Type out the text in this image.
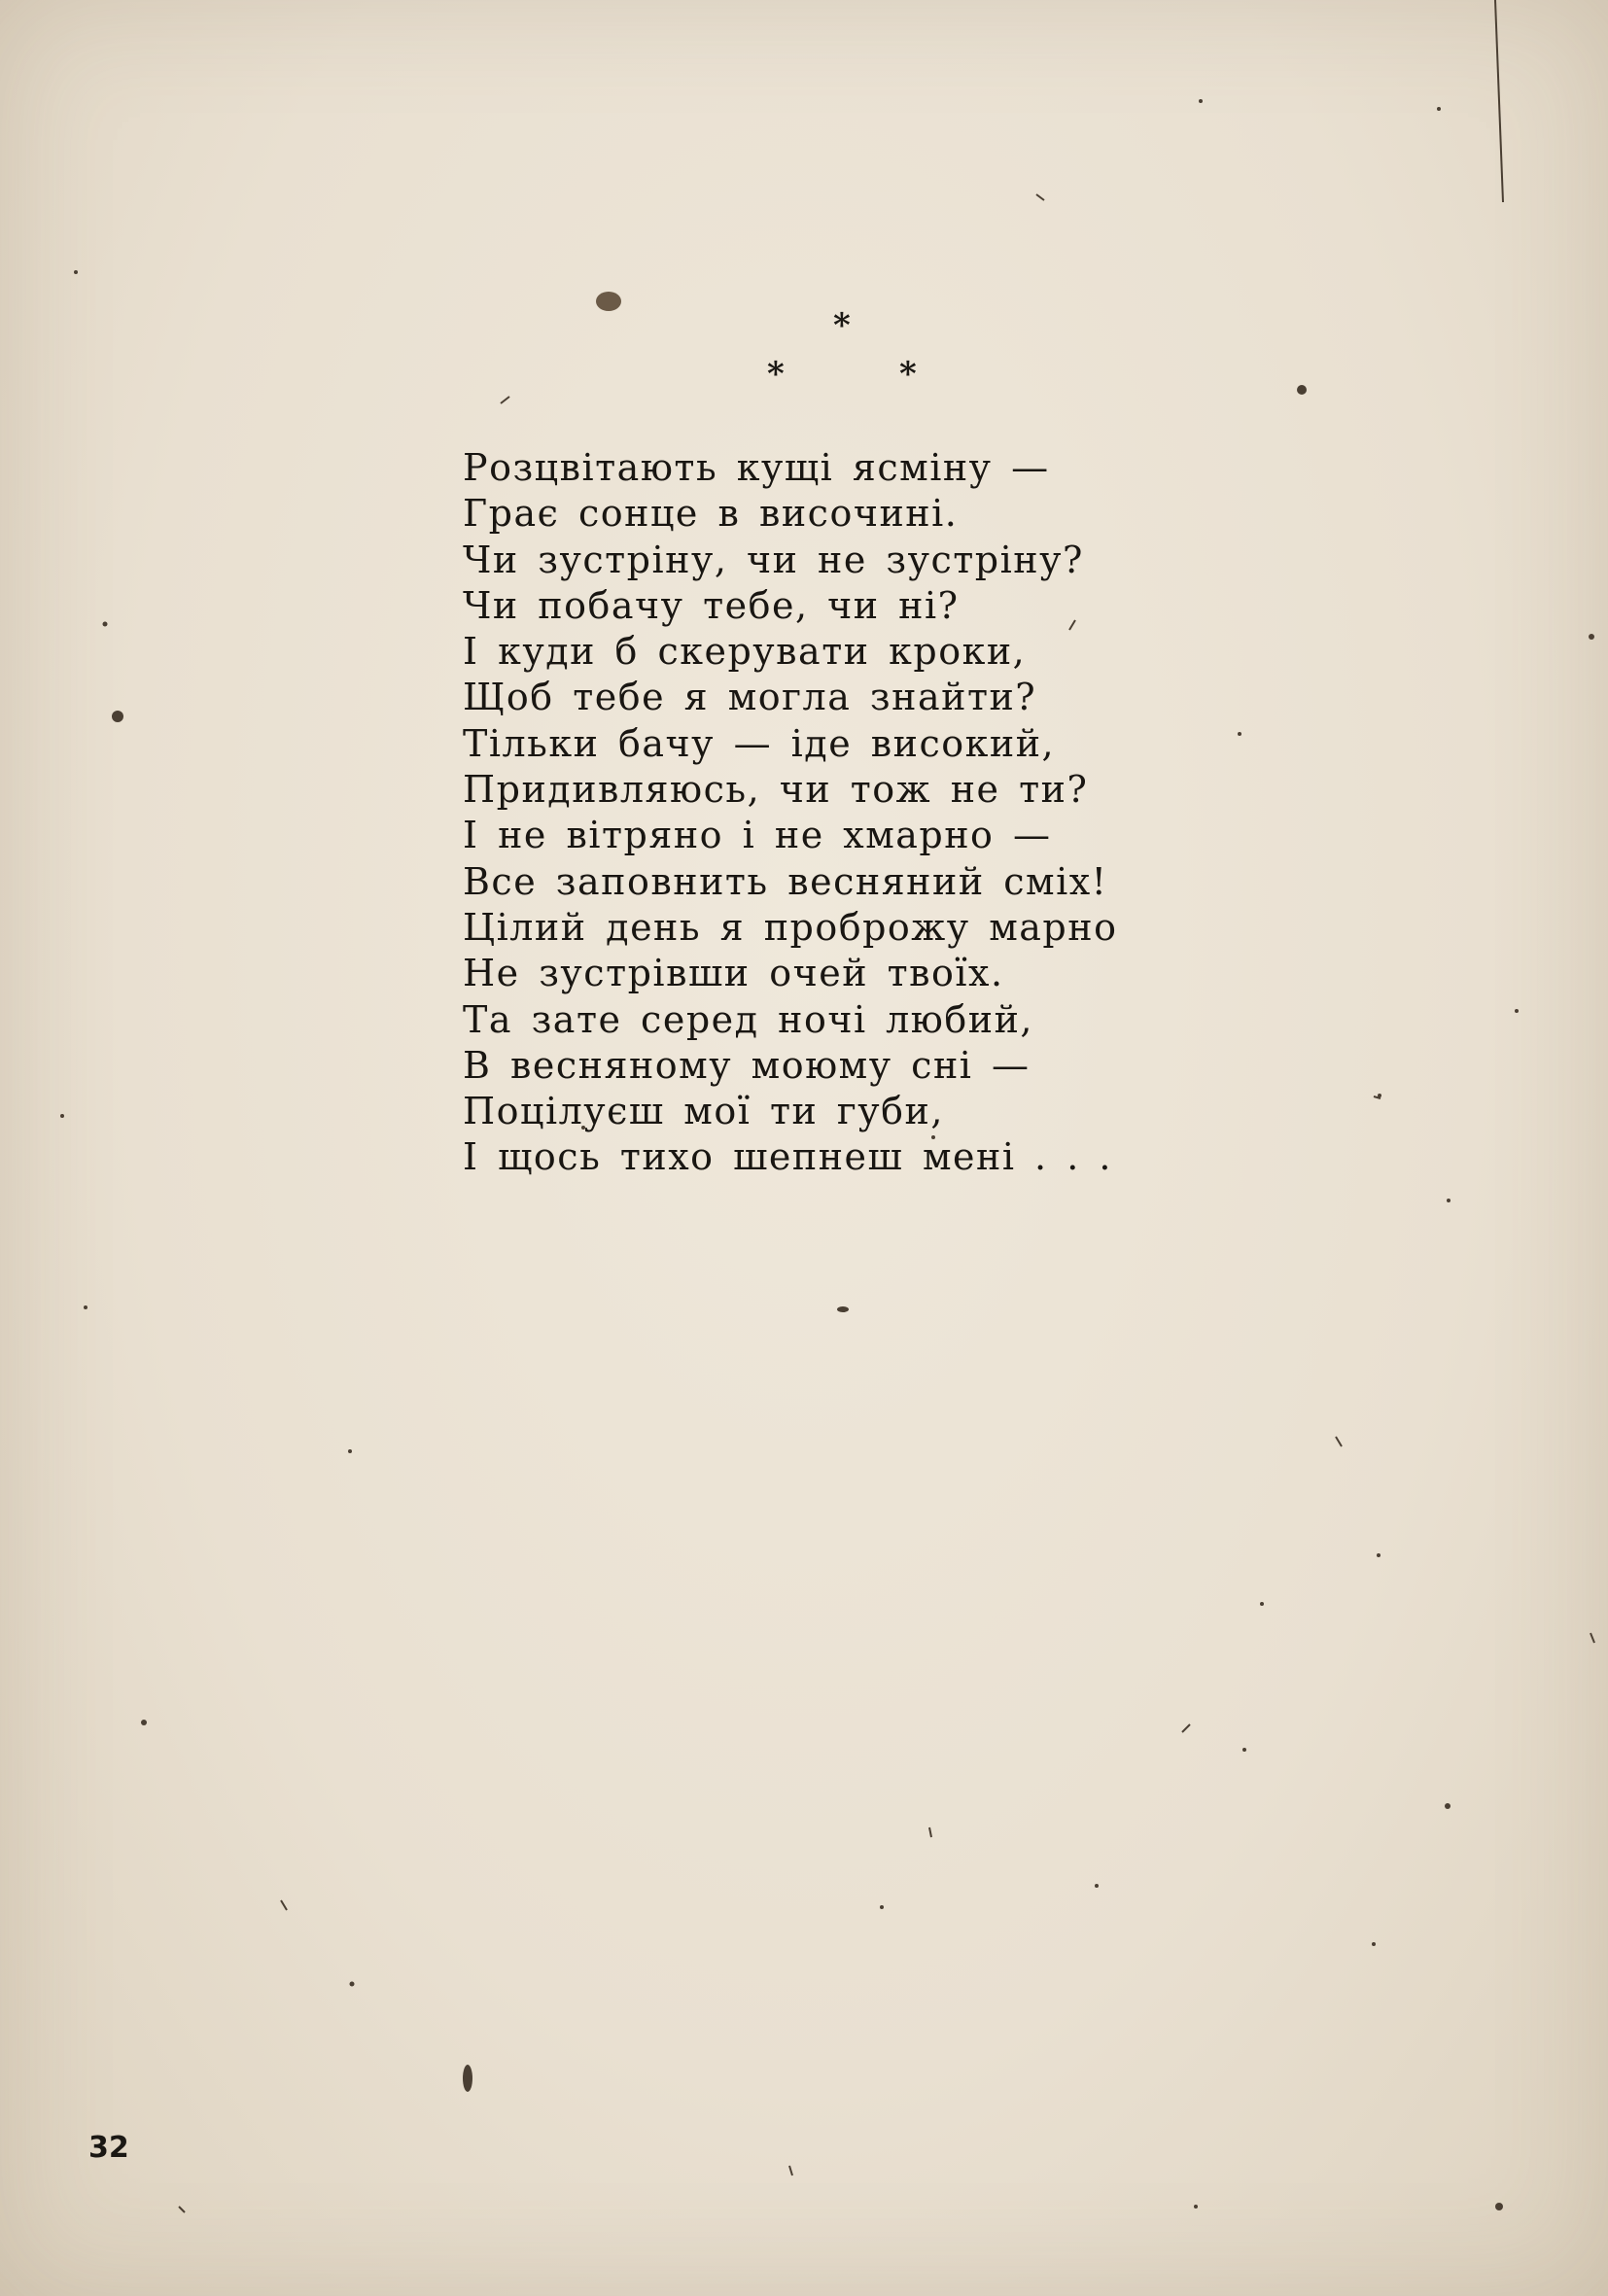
*
*	*
Розцвітають кущі ясміну —
Грає сонце в височині.
Чи зустріну, чи не зустріну?
Чи побачу тебе, чи ні?
І куди б скерувати кроки,
Щоб тебе я могла знайти?
Тільки бачу — іде високий,
Придивляюсь, чи тож не ти?
І не вітряно і не хмарно —
Все заповнить весняний сміх!
Цілий день я проброжу марно
Не зустрівши очей твоїх.
Та зате серед ночі любий,
В весняному моюму сні —
Поцілуєш мої ти губи,
І щось тихо шепнеш мені . . .
32
